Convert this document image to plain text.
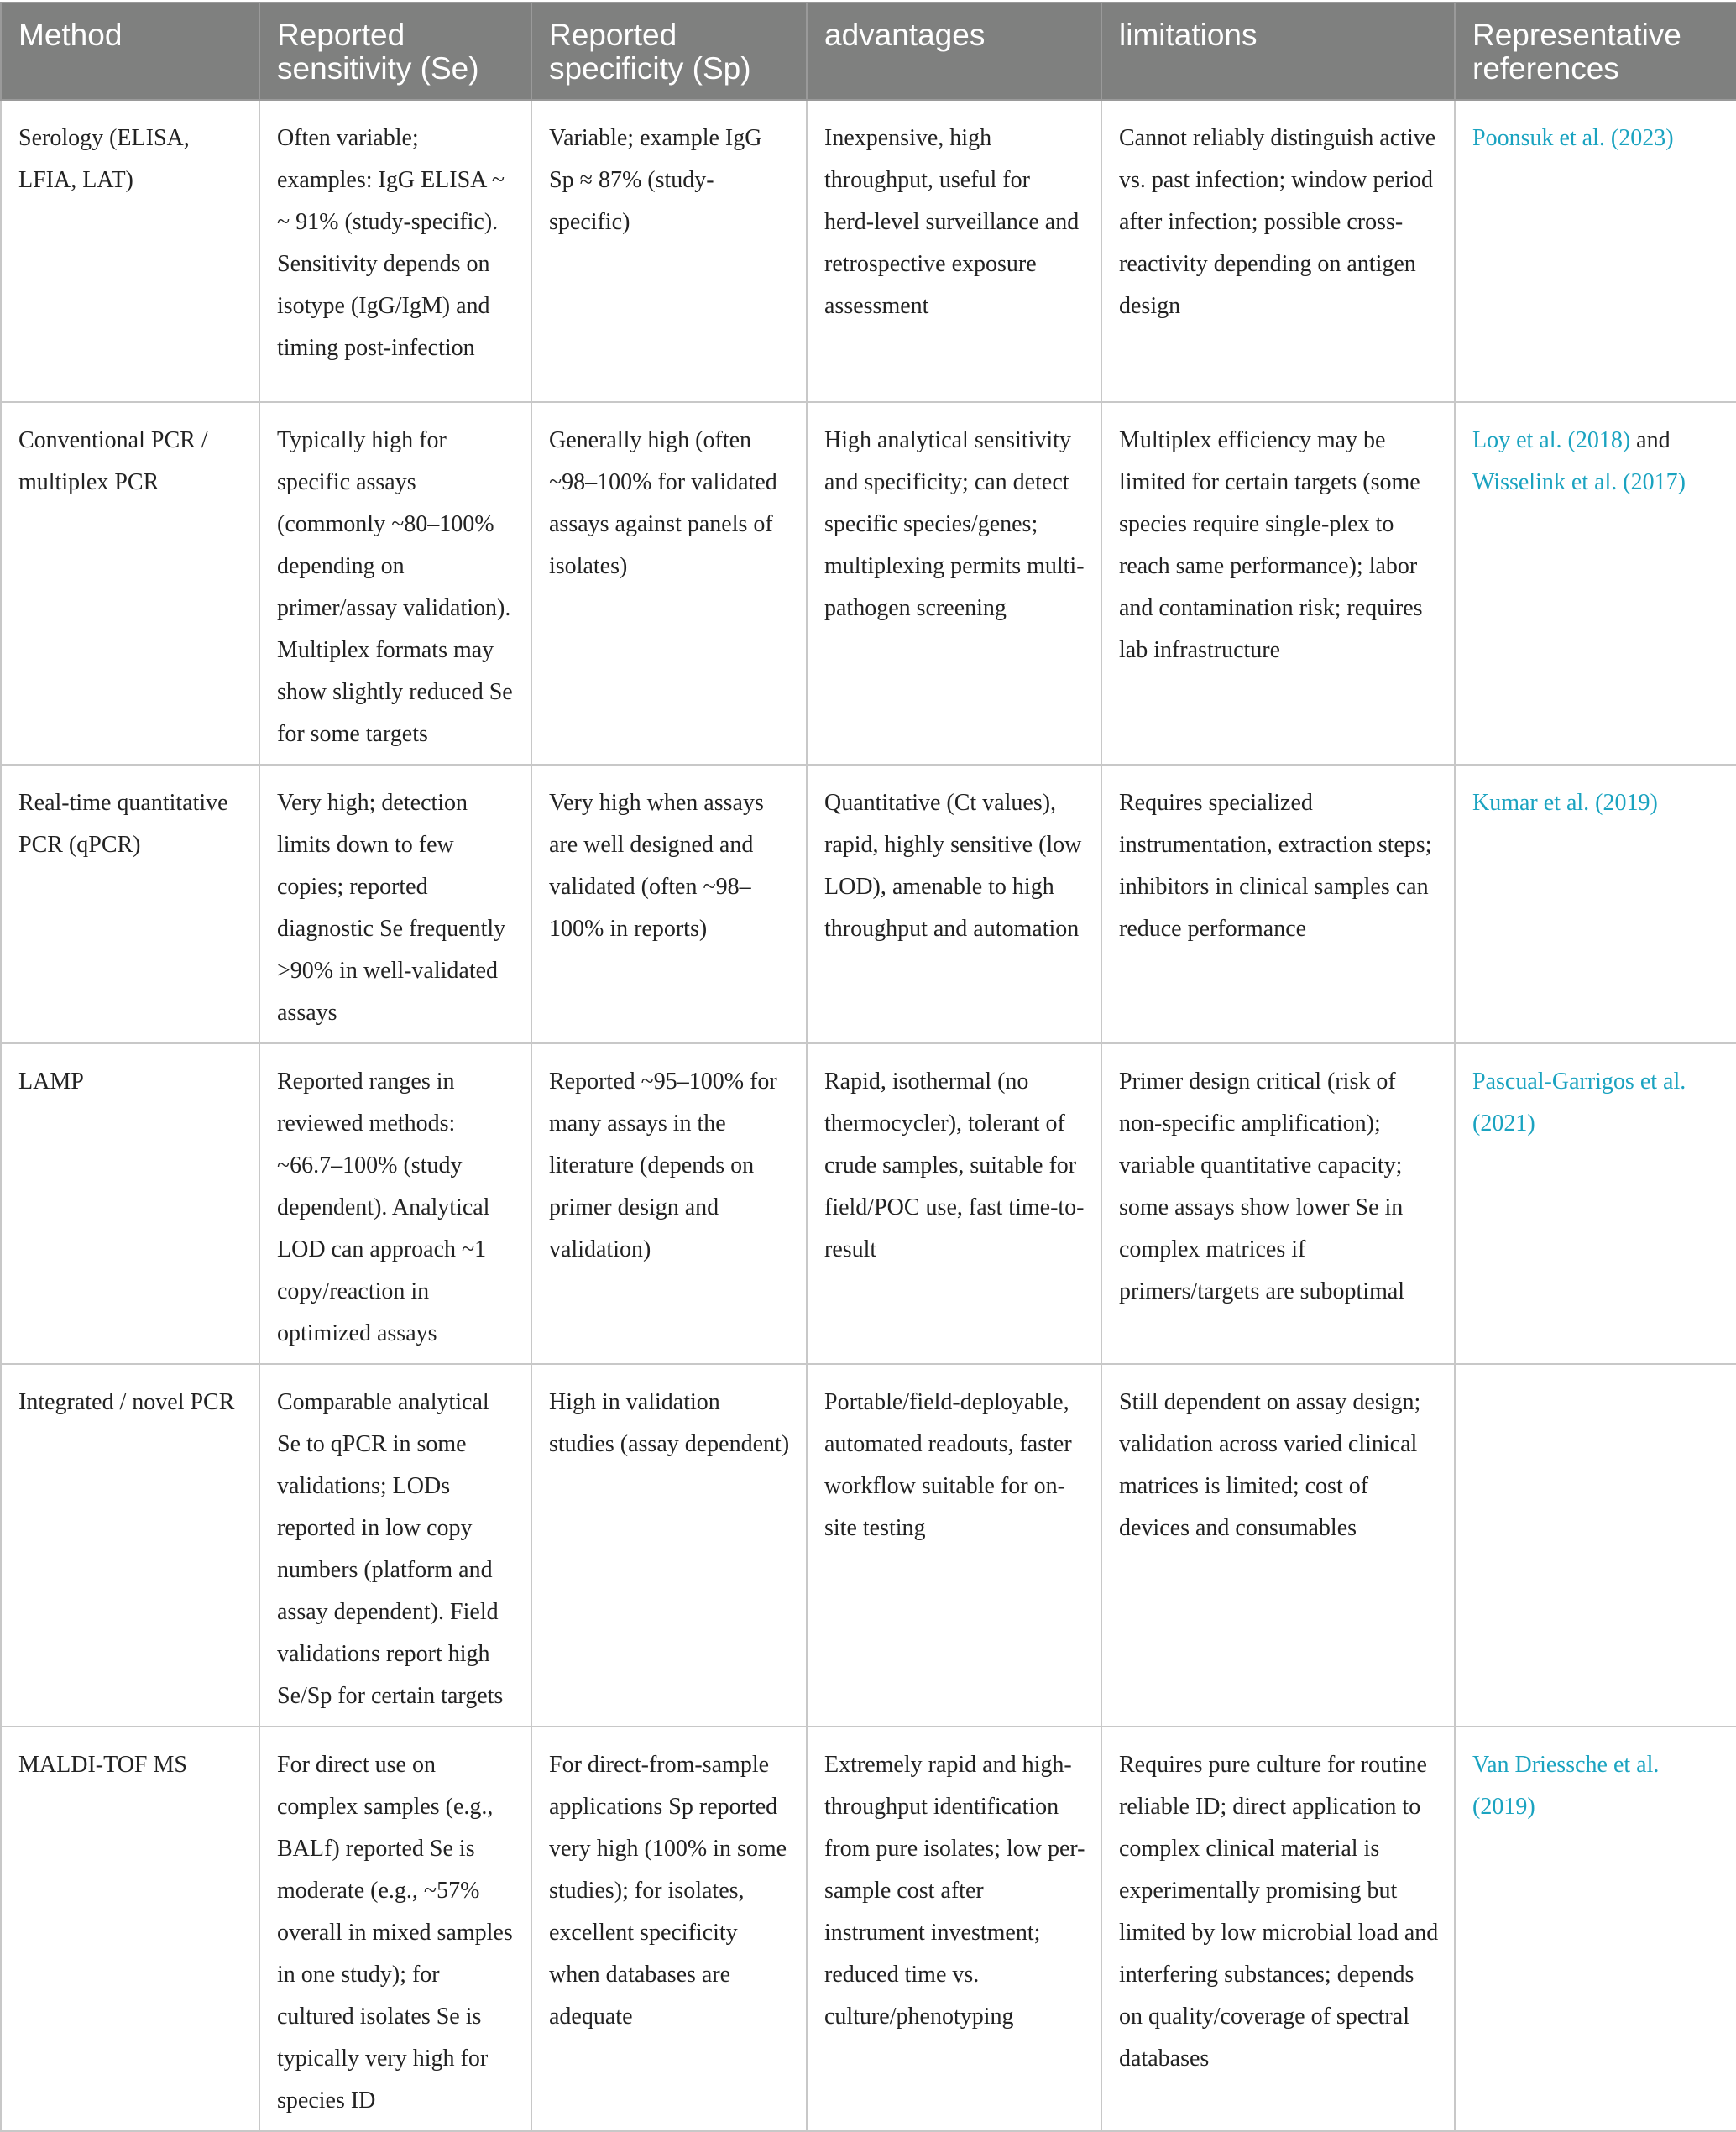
Method	Reported sensitivity (Se)	Reported specificity (Sp)	advantages	limitations	Representative references
Serology (ELISA, LFIA, LAT)	Often variable; examples: IgG ELISA ~ ~ 91% (study-specific). Sensitivity depends on isotype (IgG/IgM) and timing post-infection	Variable; example IgG Sp ≈ 87% (study-specific)	Inexpensive, high throughput, useful for herd-level surveillance and retrospective exposure assessment	Cannot reliably distinguish active vs. past infection; window period after infection; possible cross-reactivity depending on antigen design	Poonsuk et al. (2023)
Conventional PCR / multiplex PCR	Typically high for specific assays (commonly ~80–100% depending on primer/assay validation). Multiplex formats may show slightly reduced Se for some targets	Generally high (often ~98–100% for validated assays against panels of isolates)	High analytical sensitivity and specificity; can detect specific species/genes; multiplexing permits multi-pathogen screening	Multiplex efficiency may be limited for certain targets (some species require single-plex to reach same performance); labor and contamination risk; requires lab infrastructure	Loy et al. (2018) and Wisselink et al. (2017)
Real-time quantitative PCR (qPCR)	Very high; detection limits down to few copies; reported diagnostic Se frequently >90% in well-validated assays	Very high when assays are well designed and validated (often ~98–100% in reports)	Quantitative (Ct values), rapid, highly sensitive (low LOD), amenable to high throughput and automation	Requires specialized instrumentation, extraction steps; inhibitors in clinical samples can reduce performance	Kumar et al. (2019)
LAMP	Reported ranges in reviewed methods: ~66.7–100% (study dependent). Analytical LOD can approach ~1 copy/reaction in optimized assays	Reported ~95–100% for many assays in the literature (depends on primer design and validation)	Rapid, isothermal (no thermocycler), tolerant of crude samples, suitable for field/POC use, fast time-to-result	Primer design critical (risk of non-specific amplification); variable quantitative capacity; some assays show lower Se in complex matrices if primers/targets are suboptimal	Pascual-Garrigos et al. (2021)
Integrated / novel PCR	Comparable analytical Se to qPCR in some validations; LODs reported in low copy numbers (platform and assay dependent). Field validations report high Se/Sp for certain targets	High in validation studies (assay dependent)	Portable/field-deployable, automated readouts, faster workflow suitable for on-site testing	Still dependent on assay design; validation across varied clinical matrices is limited; cost of devices and consumables	
MALDI-TOF MS	For direct use on complex samples (e.g., BALf) reported Se is moderate (e.g., ~57% overall in mixed samples in one study); for cultured isolates Se is typically very high for species ID	For direct-from-sample applications Sp reported very high (100% in some studies); for isolates, excellent specificity when databases are adequate	Extremely rapid and high-throughput identification from pure isolates; low per-sample cost after instrument investment; reduced time vs. culture/phenotyping	Requires pure culture for routine reliable ID; direct application to complex clinical material is experimentally promising but limited by low microbial load and interfering substances; depends on quality/coverage of spectral databases	Van Driessche et al. (2019)
